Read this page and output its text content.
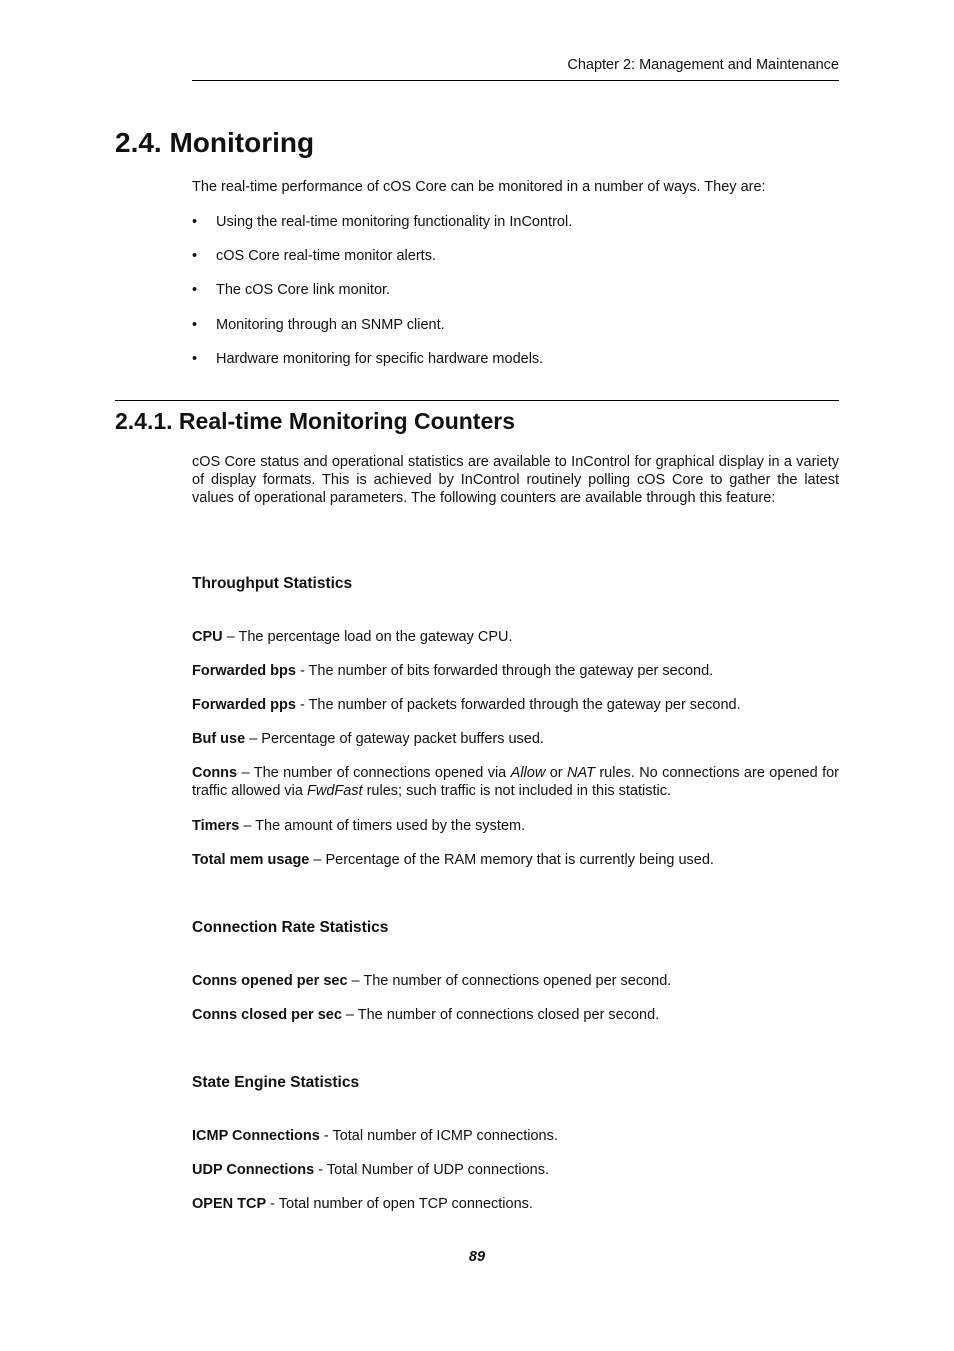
Chapter 2: Management and Maintenance
2.4. Monitoring
The real-time performance of cOS Core can be monitored in a number of ways. They are:
• Using the real-time monitoring functionality in InControl.
• cOS Core real-time monitor alerts.
• The cOS Core link monitor.
• Monitoring through an SNMP client.
• Hardware monitoring for specific hardware models.
2.4.1. Real-time Monitoring Counters
cOS Core status and operational statistics are available to InControl for graphical display in a variety of display formats. This is achieved by InControl routinely polling cOS Core to gather the latest values of operational parameters. The following counters are available through this feature:
Throughput Statistics
CPU – The percentage load on the gateway CPU.
Forwarded bps - The number of bits forwarded through the gateway per second.
Forwarded pps - The number of packets forwarded through the gateway per second.
Buf use – Percentage of gateway packet buffers used.
Conns – The number of connections opened via Allow or NAT rules. No connections are opened for traffic allowed via FwdFast rules; such traffic is not included in this statistic.
Timers – The amount of timers used by the system.
Total mem usage – Percentage of the RAM memory that is currently being used.
Connection Rate Statistics
Conns opened per sec – The number of connections opened per second.
Conns closed per sec – The number of connections closed per second.
State Engine Statistics
ICMP Connections - Total number of ICMP connections.
UDP Connections - Total Number of UDP connections.
OPEN TCP - Total number of open TCP connections.
89
